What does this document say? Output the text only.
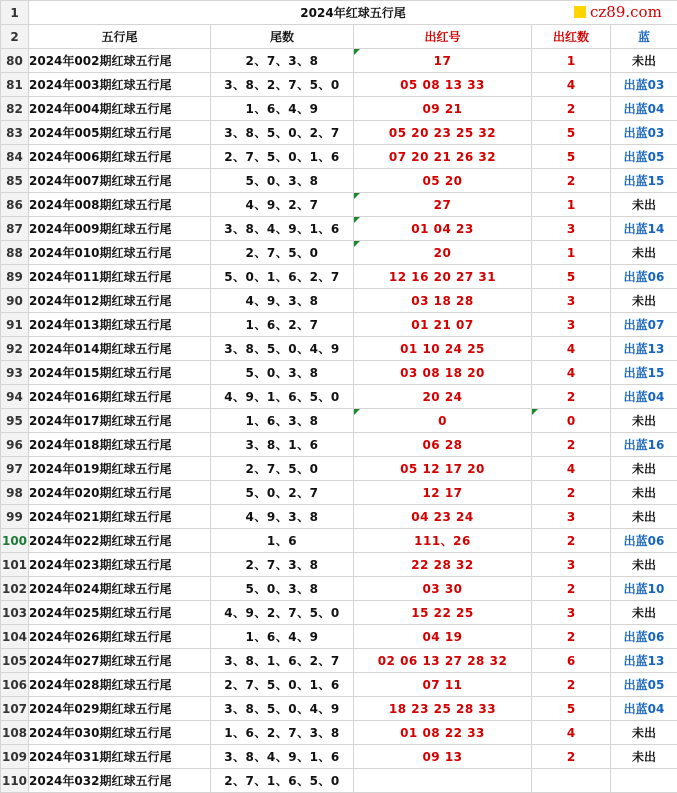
1	2024年红球五行尾				
2	五行尾	尾数	出红号	出红数	蓝
80	2024年002期红球五行尾	2、7、3、8	17	1	未出
81	2024年003期红球五行尾	3、8、2、7、5、0	05 08 13 33	4	出蓝03
82	2024年004期红球五行尾	1、6、4、9	09 21	2	出蓝04
83	2024年005期红球五行尾	3、8、5、0、2、7	05 20 23 25 32	5	出蓝03
84	2024年006期红球五行尾	2、7、5、0、1、6	07 20 21 26 32	5	出蓝05
85	2024年007期红球五行尾	5、0、3、8	05 20	2	出蓝15
86	2024年008期红球五行尾	4、9、2、7	27	1	未出
87	2024年009期红球五行尾	3、8、4、9、1、6	01 04 23	3	出蓝14
88	2024年010期红球五行尾	2、7、5、0	20	1	未出
89	2024年011期红球五行尾	5、0、1、6、2、7	12 16 20 27 31	5	出蓝06
90	2024年012期红球五行尾	4、9、3、8	03 18 28	3	未出
91	2024年013期红球五行尾	1、6、2、7	01 21 07	3	出蓝07
92	2024年014期红球五行尾	3、8、5、0、4、9	01 10 24 25	4	出蓝13
93	2024年015期红球五行尾	5、0、3、8	03 08 18 20	4	出蓝15
94	2024年016期红球五行尾	4、9、1、6、5、0	20 24	2	出蓝04
95	2024年017期红球五行尾	1、6、3、8	0	0	未出
96	2024年018期红球五行尾	3、8、1、6	06 28	2	出蓝16
97	2024年019期红球五行尾	2、7、5、0	05 12 17 20	4	未出
98	2024年020期红球五行尾	5、0、2、7	12 17	2	未出
99	2024年021期红球五行尾	4、9、3、8	04 23 24	3	未出
100	2024年022期红球五行尾	1、6	111、26	2	出蓝06
101	2024年023期红球五行尾	2、7、3、8	22 28 32	3	未出
102	2024年024期红球五行尾	5、0、3、8	03 30	2	出蓝10
103	2024年025期红球五行尾	4、9、2、7、5、0	15 22 25	3	未出
104	2024年026期红球五行尾	1、6、4、9	04 19	2	出蓝06
105	2024年027期红球五行尾	3、8、1、6、2、7	02 06 13 27 28 32	6	出蓝13
106	2024年028期红球五行尾	2、7、5、0、1、6	07 11	2	出蓝05
107	2024年029期红球五行尾	3、8、5、0、4、9	18 23 25 28 33	5	出蓝04
108	2024年030期红球五行尾	1、6、2、7、3、8	01 08 22 33	4	未出
109	2024年031期红球五行尾	3、8、4、9、1、6	09 13	2	未出
110	2024年032期红球五行尾	2、7、1、6、5、0			
cz89.com
